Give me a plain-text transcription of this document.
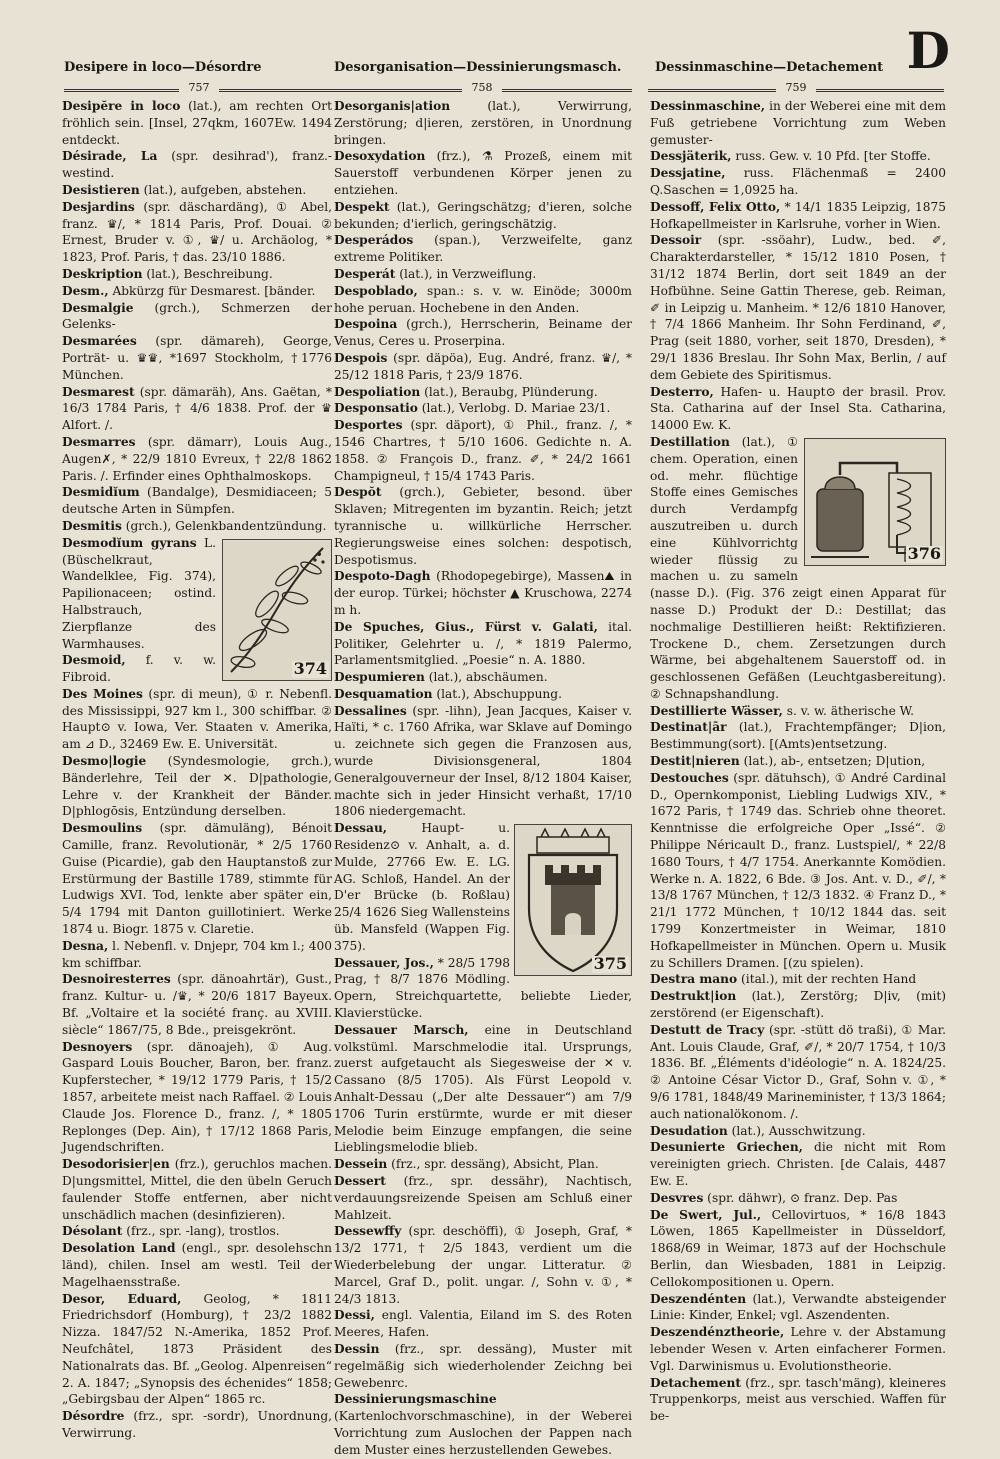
Desipere in loco—Désordre	Desorganisation—Dessinierungsmasch.	Dessinmaschine—Detachement D
757	758	759

Desipĕre in loco (lat.), am rechten Ort fröhlich sein. [Insel, 27qkm, 1607Ew. 1494 entdeckt.

Désirade, La (spr. desihrad'), franz.-westind.

Desistieren (lat.), aufgeben, abstehen.

Desjardins (spr. däschardäng), ① Abel, franz. ♛/, * 1814 Paris, Prof. Douai. ② Ernest, Bruder v. ①, ♛/ u. Archäolog, * 1823, Prof. Paris, † das. 23/10 1886.

Deskription (lat.), Beschreibung.

Desm., Abkürzg für Desmarest. [bänder.

Desmalgie (grch.), Schmerzen der Gelenks-

Desmarées (spr. dämareh), George, Porträt- u. ♛♛, *1697 Stockholm, †1776 München.

Desmarest (spr. dämaräh), Ans. Gaëtan, * 16/3 1784 Paris, † 4/6 1838. Prof. der ♛ Alfort. /.

Desmarres (spr. dämarr), Louis Aug., Augen✗, * 22/9 1810 Evreux, † 22/8 1862 Paris. /. Erfinder eines Ophthalmoskops.

Desmidĭum (Bandalge), Desmidiaceen; 5 deutsche Arten in Sümpfen.

Desmitis (grch.), Gelenkbandentzündung.

374

Desmodĭum gyrans L. (Büschelkraut, Wandelklee, Fig. 374), Papilionaceen; ostind. Halbstrauch, Zierpflanze des Warmhauses.

Desmoid, f. v. w. Fibroid.

Des Moines (spr. di meun), ① r. Nebenfl. des Mississippi, 927 km l., 300 schiffbar. ② Haupt⊙ v. Iowa, Ver. Staaten v. Amerika, am ⊿ D., 32469 Ew. E. Universität.

Desmo|logie (Syndesmologie, grch.), Bänderlehre, Teil der ✕. D|pathologie, Lehre v. der Krankheit der Bänder. D|phlogōsis, Entzündung derselben.

Desmoulins (spr. dämuläng), Bénoit Camille, franz. Revolutionär, * 2/5 1760 Guise (Picardie), gab den Hauptanstoß zur Erstürmung der Bastille 1789, stimmte für Ludwigs XVI. Tod, lenkte aber später ein, 5/4 1794 mit Danton guillotiniert. Werke 1874 u. Biogr. 1875 v. Claretie.

Desna, l. Nebenfl. v. Dnjepr, 704 km l.; 400 km schiffbar.

Desnoiresterres (spr. dänoahrtär), Gust., franz. Kultur- u. /♛, * 20/6 1817 Bayeux. Bf. „Voltaire et la société franç. au XVIII. siècle“ 1867/75, 8 Bde., preisgekrönt.

Desnoyers (spr. dänoajeh), ① Aug. Gaspard Louis Boucher, Baron, ber. franz. Kupferstecher, * 19/12 1779 Paris, † 15/2 1857, arbeitete meist nach Raffael. ② Louis Claude Jos. Florence D., franz. /, * 1805 Replonges (Dep. Ain), † 17/12 1868 Paris, Jugendschriften.

Desodorisier|en (frz.), geruchlos machen. D|ungsmittel, Mittel, die den übeln Geruch faulender Stoffe entfernen, aber nicht unschädlich machen (desinfizieren).

Désolant (frz., spr. -lang), trostlos.

Desolation Land (engl., spr. desolehschn länd), chilen. Insel am westl. Teil der Magelhaensstraße.

Desor, Eduard, Geolog, * 1811 Friedrichsdorf (Homburg), † 23/2 1882 Nizza. 1847/52 N.-Amerika, 1852 Prof. Neufchâtel, 1873 Präsident des Nationalrats das. Bf. „Geolog. Alpenreisen“ 2. A. 1847; „Synopsis des échenides“ 1858; „Gebirgsbau der Alpen“ 1865 rc.

Désordre (frz., spr. -sordr), Unordnung, Verwirrung.

Desorganis|ation (lat.), Verwirrung, Zerstörung; d|ieren, zerstören, in Unordnung bringen.

Desoxydation (frz.), ⚗ Prozeß, einem mit Sauerstoff verbundenen Körper jenen zu entziehen.

Despekt (lat.), Geringschätzg; d'ieren, solche bekunden; d'ierlich, geringschätzig.

Desperádos (span.), Verzweifelte, ganz extreme Politiker.

Desperát (lat.), in Verzweiflung.

Despoblado, span.: s. v. w. Einöde; 3000m hohe peruan. Hochebene in den Anden.

Despoina (grch.), Herrscherin, Beiname der Venus, Ceres u. Proserpina.

Despois (spr. däpöa), Eug. André, franz. ♛/, * 25/12 1818 Paris, † 23/9 1876.

Despoliation (lat.), Beraubg, Plünderung.

Desponsatio (lat.), Verlobg. D. Mariae 23/1.

Desportes (spr. däport), ① Phil., franz. /, * 1546 Chartres, † 5/10 1606. Gedichte n. A. 1858. ② François D., franz. ✐, * 24/2 1661 Champigneul, † 15/4 1743 Paris.

Despŏt (grch.), Gebieter, besond. über Sklaven; Mitregenten im byzantin. Reich; jetzt tyrannische u. willkürliche Herrscher. Regierungsweise eines solchen: despotisch, Despotismus.

Despoto-Dagh (Rhodopegebirge), Massen⛰ in der europ. Türkei; höchster ▲ Kruschowa, 2274 m h.

De Spuches, Gius., Fürst v. Galati, ital. Politiker, Gelehrter u. /, * 1819 Palermo, Parlamentsmitglied. „Poesie“ n. A. 1880.

Despumieren (lat.), abschäumen.

Desquamation (lat.), Abschuppung.

Dessalines (spr. -lihn), Jean Jacques, Kaiser v. Haïti, * c. 1760 Afrika, war Sklave auf Domingo u. zeichnete sich gegen die Franzosen aus, wurde Divisionsgeneral, 1804 Generalgouverneur der Insel, 8/12 1804 Kaiser, machte sich in jeder Hinsicht verhaßt, 17/10 1806 niedergemacht.

375

Dessau, Haupt- u. Residenz⊙ v. Anhalt, a. d. Mulde, 27766 Ew. E. LG. AG. Schloß, Handel. An der D'er Brücke (b. Roßlau) 25/4 1626 Sieg Wallensteins üb. Mansfeld (Wappen Fig. 375).

Dessauer, Jos., * 28/5 1798 Prag, † 8/7 1876 Mödling. Opern, Streichquartette, beliebte Lieder, Klavierstücke.

Dessauer Marsch, eine in Deutschland volkstüml. Marschmelodie ital. Ursprungs, zuerst aufgetaucht als Siegesweise der ✕ v. Cassano (8/5 1705). Als Fürst Leopold v. Anhalt-Dessau („Der alte Dessauer“) am 7/9 1706 Turin erstürmte, wurde er mit dieser Melodie beim Einzuge empfangen, die seine Lieblingsmelodie blieb.

Dessein (frz., spr. dessäng), Absicht, Plan.

Dessert (frz., spr. dessähr), Nachtisch, verdauungsreizende Speisen am Schluß einer Mahlzeit.

Dessewffy (spr. deschöffi), ① Joseph, Graf, * 13/2 1771, † 2/5 1843, verdient um die Wiederbelebung der ungar. Litteratur. ② Marcel, Graf D., polit. ungar. /, Sohn v. ①, * 24/3 1813.

Dessi, engl. Valentia, Eiland im S. des Roten Meeres, Hafen.

Dessin (frz., spr. dessäng), Muster mit regelmäßig sich wiederholender Zeichng bei Gewebenrc.

Dessinierungsmaschine (Kartenlochvorschmaschine), in der Weberei Vorrichtung zum Auslochen der Pappen nach dem Muster eines herzustellenden Gewebes.

Dessinmaschine, in der Weberei eine mit dem Fuß getriebene Vorrichtung zum Weben gemuster-

Dessjäterik, russ. Gew. v. 10 Pfd. [ter Stoffe.

Dessjatine, russ. Flächenmaß = 2400 Q.Saschen = 1,0925 ha.

Dessoff, Felix Otto, * 14/1 1835 Leipzig, 1875 Hofkapellmeister in Karlsruhe, vorher in Wien.

Dessoir (spr. -ssöahr), Ludw., bed. ✐, Charakterdarsteller, * 15/12 1810 Posen, † 31/12 1874 Berlin, dort seit 1849 an der Hofbühne. Seine Gattin Therese, geb. Reiman, ✐ in Leipzig u. Manheim. * 12/6 1810 Hanover, † 7/4 1866 Manheim. Ihr Sohn Ferdinand, ✐, Prag (seit 1880, vorher, seit 1870, Dresden), * 29/1 1836 Breslau. Ihr Sohn Max, Berlin, / auf dem Gebiete des Spiritismus.

Desterro, Hafen- u. Haupt⊙ der brasil. Prov. Sta. Catharina auf der Insel Sta. Catharina, 14000 Ew. K.

376

Destillation (lat.), ① chem. Operation, einen od. mehr. flüchtige Stoffe eines Gemisches durch Verdampfg auszutreiben u. durch eine Kühlvorrichtg wieder flüssig zu machen u. zu sameln (nasse D.). (Fig. 376 zeigt einen Apparat für nasse D.) Produkt der D.: Destillat; das nochmalige Destillieren heißt: Rektifizieren. Trockene D., chem. Zersetzungen durch Wärme, bei abgehaltenem Sauerstoff od. in geschlossenen Gefäßen (Leuchtgasbereitung). ② Schnapshandlung.

Destillierte Wässer, s. v. w. ätherische W.

Destinat|ār (lat.), Frachtempfänger; D|ion, Bestimmung(sort). [(Amts)entsetzung.

Destit|nieren (lat.), ab-, entsetzen; D|ution,

Destouches (spr. dätuhsch), ① André Cardinal D., Opernkomponist, Liebling Ludwigs XIV., * 1672 Paris, † 1749 das. Schrieb ohne theoret. Kenntnisse die erfolgreiche Oper „Issé“. ② Philippe Néricault D., franz. Lustspiel/, * 22/8 1680 Tours, † 4/7 1754. Anerkannte Komödien. Werke n. A. 1822, 6 Bde. ③ Jos. Ant. v. D., ✐/, * 13/8 1767 München, † 12/3 1832. ④ Franz D., * 21/1 1772 München, † 10/12 1844 das. seit 1799 Konzertmeister in Weimar, 1810 Hofkapellmeister in München. Opern u. Musik zu Schillers Dramen. [(zu spielen).

Destra mano (ital.), mit der rechten Hand

Destrukt|ion (lat.), Zerstörg; D|iv, (mit) zerstörend (er Eigenschaft).

Destutt de Tracy (spr. -stütt dö traßi), ① Mar. Ant. Louis Claude, Graf, ✐/, * 20/7 1754, † 10/3 1836. Bf. „Éléments d'idéologie“ n. A. 1824/25. ② Antoine César Victor D., Graf, Sohn v. ①, * 9/6 1781, 1848/49 Marineminister, † 13/3 1864; auch nationalökonom. /.

Desudation (lat.), Ausschwitzung.

Desunierte Griechen, die nicht mit Rom vereinigten griech. Christen. [de Calais, 4487 Ew. E.

Desvres (spr. dähwr), ⊙ franz. Dep. Pas

De Swert, Jul., Cellovirtuos, * 16/8 1843 Löwen, 1865 Kapellmeister in Düsseldorf, 1868/69 in Weimar, 1873 auf der Hochschule Berlin, dan Wiesbaden, 1881 in Leipzig. Cellokompositionen u. Opern.

Deszendénten (lat.), Verwandte absteigender Linie: Kinder, Enkel; vgl. Aszendenten.

Deszendénztheorie, Lehre v. der Abstamung lebender Wesen v. Arten einfacherer Formen. Vgl. Darwinismus u. Evolutionstheorie.

Detachement (frz., spr. tasch'mäng), kleineres Truppenkorps, meist aus verschied. Waffen für be-
